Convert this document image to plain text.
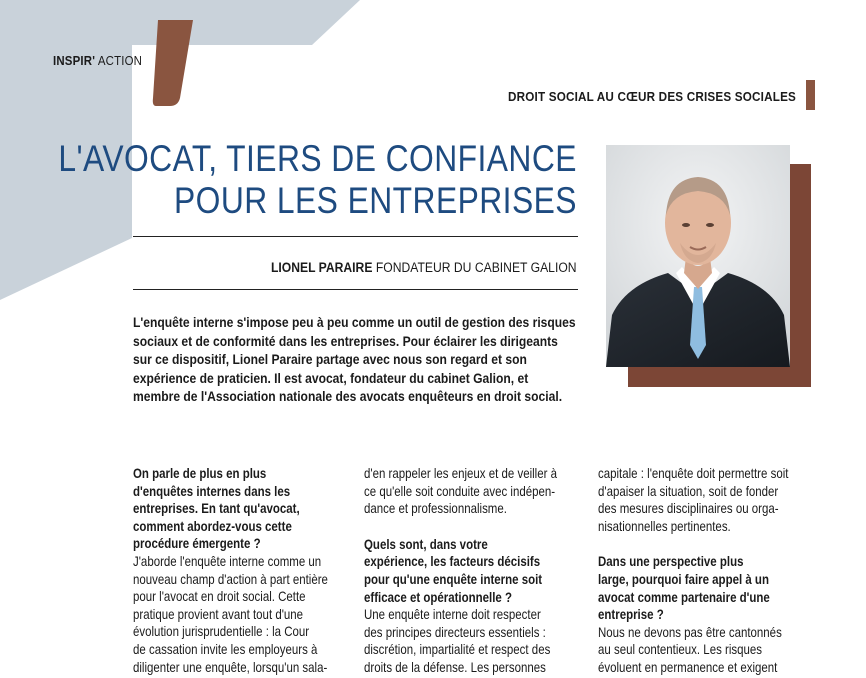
INSPIR' ACTION
DROIT SOCIAL AU CŒUR DES CRISES SOCIALES
L'AVOCAT, TIERS DE CONFIANCE
POUR LES ENTREPRISES
LIONEL PARAIRE FONDATEUR DU CABINET GALION

L'enquête interne s'impose peu à peu comme un outil de gestion des risques sociaux et de conformité dans les entreprises. Pour éclairer les dirigeants sur ce dispositif, Lionel Paraire partage avec nous son regard et son expérience de praticien. Il est avocat, fondateur du cabinet Galion, et membre de l'Association nationale des avocats enquêteurs en droit social.

On parle de plus en plus

d'enquêtes internes dans les

entreprises. En tant qu'avocat,

comment abordez-vous cette

procédure émergente ?

J'aborde l'enquête interne comme un

nouveau champ d'action à part entière

pour l'avocat en droit social. Cette

pratique provient avant tout d'une

évolution jurisprudentielle : la Cour

de cassation invite les employeurs à

diligenter une enquête, lorsqu'un sala-

d'en rappeler les enjeux et de veiller à

ce qu'elle soit conduite avec indépen-

dance et professionnalisme.

Quels sont, dans votre

expérience, les facteurs décisifs

pour qu'une enquête interne soit

efficace et opérationnelle ?

Une enquête interne doit respecter

des principes directeurs essentiels :

discrétion, impartialité et respect des

droits de la défense. Les personnes

capitale : l'enquête doit permettre soit

d'apaiser la situation, soit de fonder

des mesures disciplinaires ou orga-

nisationnelles pertinentes.

Dans une perspective plus

large, pourquoi faire appel à un

avocat comme partenaire d'une

entreprise ?

Nous ne devons pas être cantonnés

au seul contentieux. Les risques

évoluent en permanence et exigent
